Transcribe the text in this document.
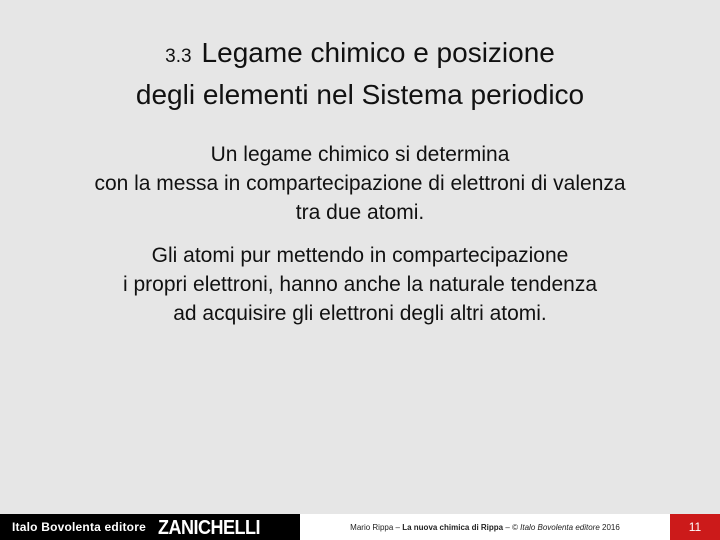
3.3 Legame chimico e posizione
degli elementi nel Sistema periodico
Un legame chimico si determina
con la messa in compartecipazione di elettroni di valenza
tra due atomi.
Gli atomi pur mettendo in compartecipazione
i propri elettroni, hanno anche la naturale tendenza
ad acquisire gli elettroni degli altri atomi.
Italo Bovolenta editore ZANICHELLI	Mario Rippa – La nuova chimica di Rippa – © Italo Bovolenta editore
2016	11
